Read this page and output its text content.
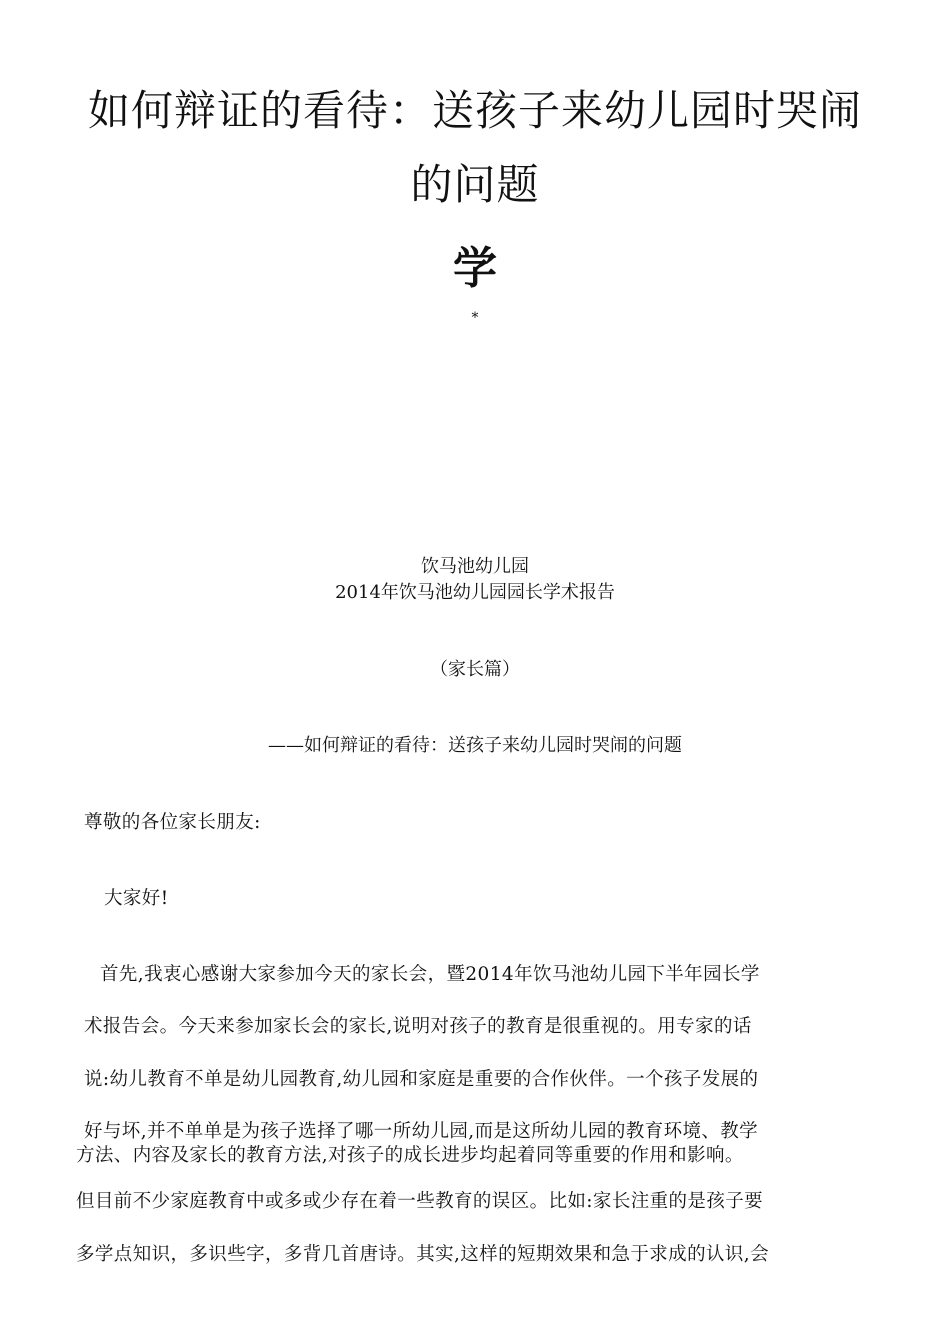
如何辩证的看待：送孩子来幼儿园时哭闹
的问题
学
*
饮马池幼儿园
2014年饮马池幼儿园园长学术报告
（家长篇）
——如何辩证的看待：送孩子来幼儿园时哭闹的问题
尊敬的各位家长朋友:
大家好!
首先,我衷心感谢大家参加今天的家长会，暨2014年饮马池幼儿园下半年园长学
术报告会。今天来参加家长会的家长,说明对孩子的教育是很重视的。用专家的话
说:幼儿教育不单是幼儿园教育,幼儿园和家庭是重要的合作伙伴。一个孩子发展的
好与坏,并不单单是为孩子选择了哪一所幼儿园,而是这所幼儿园的教育环境、教学
方法、内容及家长的教育方法,对孩子的成长进步均起着同等重要的作用和影响。
但目前不少家庭教育中或多或少存在着一些教育的误区。比如:家长注重的是孩子要
多学点知识，多识些字，多背几首唐诗。其实,这样的短期效果和急于求成的认识,会
